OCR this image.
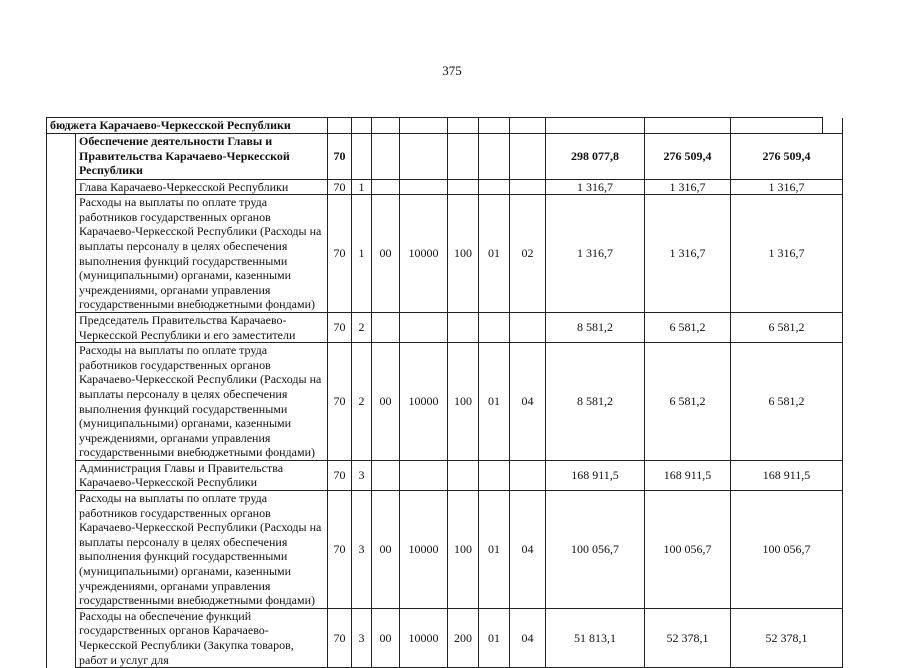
375
бюджета Карачаево-Черкесской Республики												
	Обеспечение деятельности Главы и Правительства Карачаево-Черкесской Республики	70							298 077,8	276 509,4	276 509,4	
	Глава Карачаево-Черкесской Республики	70	1						1 316,7	1 316,7	1 316,7	
	Расходы на выплаты по оплате труда работников государственных органов Карачаево-Черкесской Республики (Расходы на выплаты персоналу в целях обеспечения выполнения функций государственными (муниципальными) органами, казенными учреждениями, органами управления государственными внебюджетными фондами)	70	1	00	10000	100	01	02	1 316,7	1 316,7	1 316,7	
	Председатель Правительства Карачаево-Черкесской Республики и его заместители	70	2						8 581,2	6 581,2	6 581,2	
	Расходы на выплаты по оплате труда работников государственных органов Карачаево-Черкесской Республики (Расходы на выплаты персоналу в целях обеспечения выполнения функций государственными (муниципальными) органами, казенными учреждениями, органами управления государственными внебюджетными фондами)	70	2	00	10000	100	01	04	8 581,2	6 581,2	6 581,2	
	Администрация Главы и Правительства Карачаево-Черкесской Республики	70	3						168 911,5	168 911,5	168 911,5	
	Расходы на выплаты по оплате труда работников государственных органов Карачаево-Черкесской Республики (Расходы на выплаты персоналу в целях обеспечения выполнения функций государственными (муниципальными) органами, казенными учреждениями, органами управления государственными внебюджетными фондами)	70	3	00	10000	100	01	04	100 056,7	100 056,7	100 056,7	
	Расходы на обеспечение функций государственных органов Карачаево-Черкесской Республики (Закупка товаров, работ и услуг для	70	3	00	10000	200	01	04	51 813,1	52 378,1	52 378,1	
